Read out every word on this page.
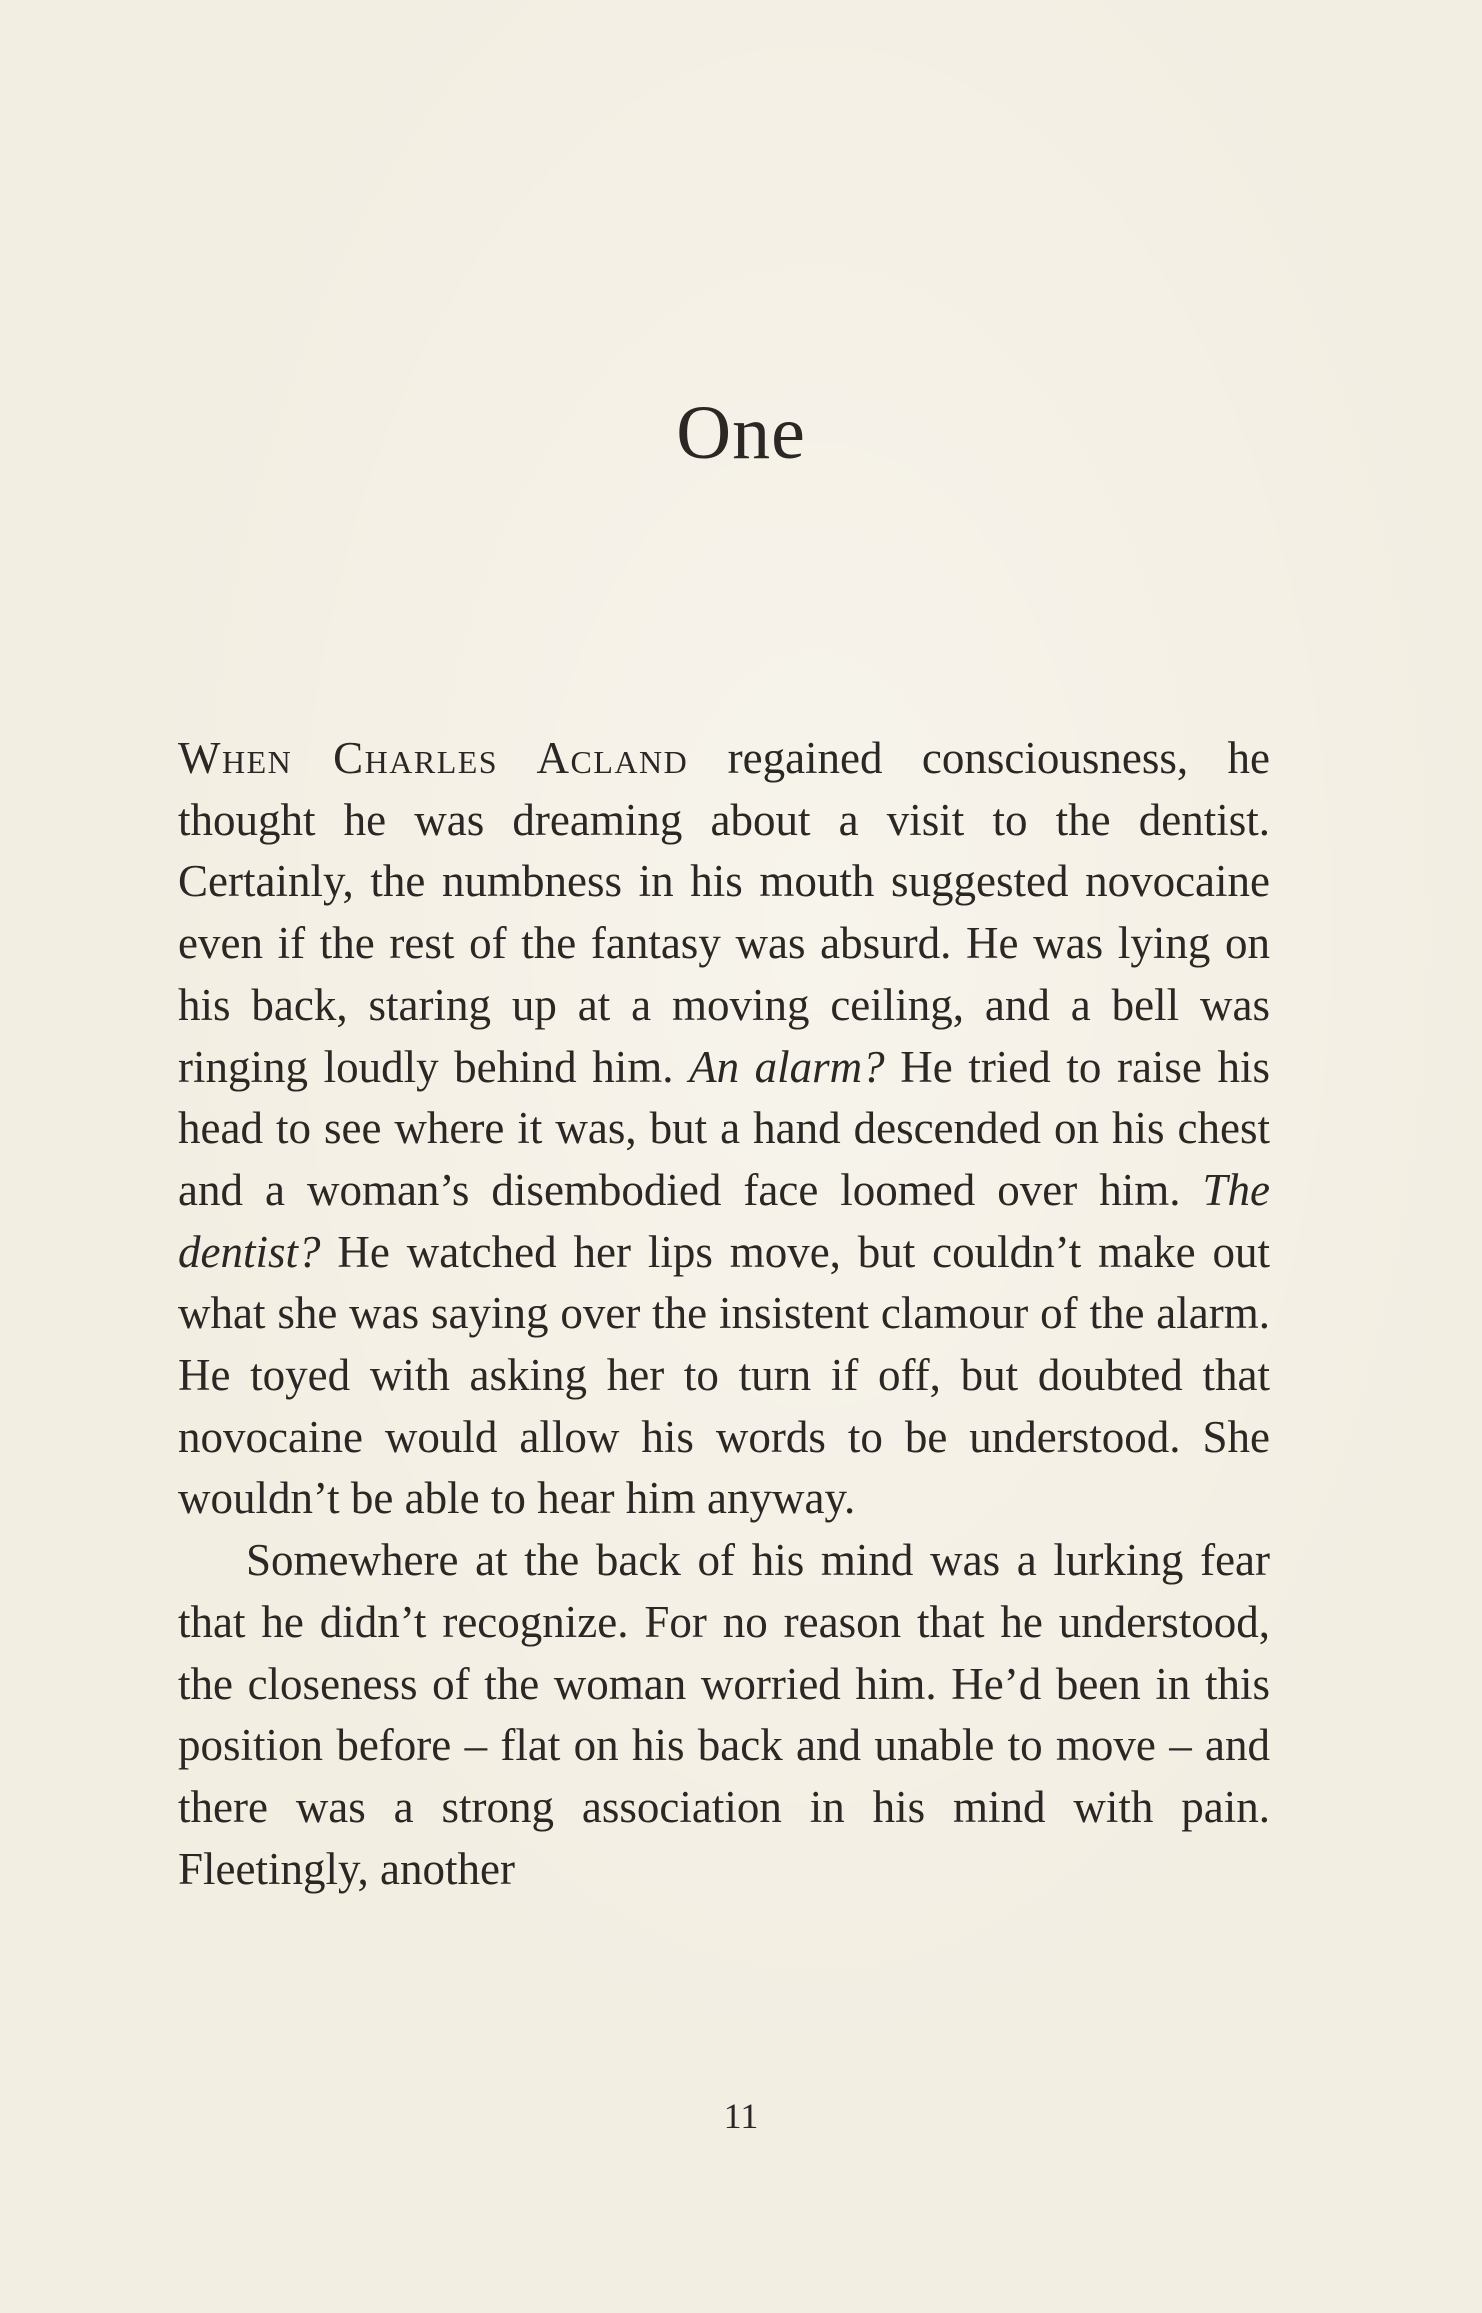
One

When Charles Acland regained consciousness, he thought he was dreaming about a visit to the dentist. Certainly, the numbness in his mouth suggested novocaine even if the rest of the fantasy was absurd. He was lying on his back, staring up at a moving ceiling, and a bell was ringing loudly behind him. An alarm? He tried to raise his head to see where it was, but a hand descended on his chest and a woman’s disembodied face loomed over him. The dentist? He watched her lips move, but couldn’t make out what she was saying over the insistent clamour of the alarm. He toyed with asking her to turn if off, but doubted that novocaine would allow his words to be understood. She wouldn’t be able to hear him anyway.

Somewhere at the back of his mind was a lurking fear that he didn’t recognize. For no reason that he understood, the closeness of the woman worried him. He’d been in this position before – flat on his back and unable to move – and there was a strong association in his mind with pain. Fleetingly, another

11
